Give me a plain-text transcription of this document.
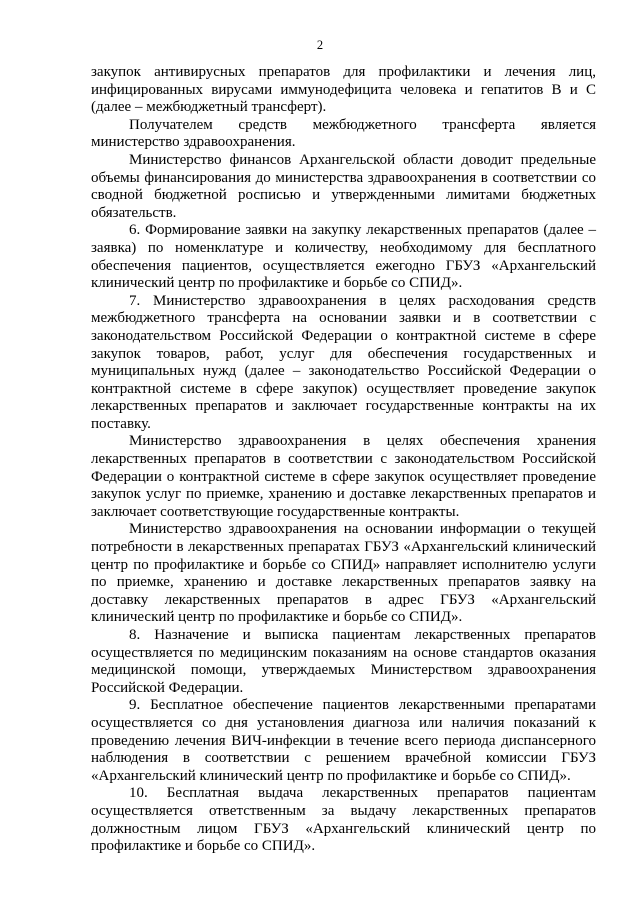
2

закупок антивирусных препаратов для профилактики и лечения лиц, инфицированных вирусами иммунодефицита человека и гепатитов В и С (далее – межбюджетный трансферт).

Получателем средств межбюджетного трансферта является министерство здравоохранения.

Министерство финансов Архангельской области доводит предельные объемы финансирования до министерства здравоохранения в соответствии со сводной бюджетной росписью и утвержденными лимитами бюджетных обязательств.

6. Формирование заявки на закупку лекарственных препаратов (далее – заявка) по номенклатуре и количеству, необходимому для бесплатного обеспечения пациентов, осуществляется ежегодно ГБУЗ «Архангельский клинический центр по профилактике и борьбе со СПИД».

7. Министерство здравоохранения в целях расходования средств межбюджетного трансферта на основании заявки и в соответствии с законодательством Российской Федерации о контрактной системе в сфере закупок товаров, работ, услуг для обеспечения государственных и муниципальных нужд (далее – законодательство Российской Федерации о контрактной системе в сфере закупок) осуществляет проведение закупок лекарственных препаратов и заключает государственные контракты на их поставку.

Министерство здравоохранения в целях обеспечения хранения лекарственных препаратов в соответствии с законодательством Российской Федерации о контрактной системе в сфере закупок осуществляет проведение закупок услуг по приемке, хранению и доставке лекарственных препаратов и заключает соответствующие государственные контракты.

Министерство здравоохранения на основании информации о текущей потребности в лекарственных препаратах ГБУЗ «Архангельский клинический центр по профилактике и борьбе со СПИД» направляет исполнителю услуги по приемке, хранению и доставке лекарственных препаратов заявку на доставку лекарственных препаратов в адрес ГБУЗ «Архангельский клинический центр по профилактике и борьбе со СПИД».

8. Назначение и выписка пациентам лекарственных препаратов осуществляется по медицинским показаниям на основе стандартов оказания медицинской помощи, утверждаемых Министерством здравоохранения Российской Федерации.

9. Бесплатное обеспечение пациентов лекарственными препаратами осуществляется со дня установления диагноза или наличия показаний к проведению лечения ВИЧ-инфекции в течение всего периода диспансерного наблюдения в соответствии с решением врачебной комиссии ГБУЗ «Архангельский клинический центр по профилактике и борьбе со СПИД».

10. Бесплатная выдача лекарственных препаратов пациентам осуществляется ответственным за выдачу лекарственных препаратов должностным лицом ГБУЗ «Архангельский клинический центр по профилактике и борьбе со СПИД».
